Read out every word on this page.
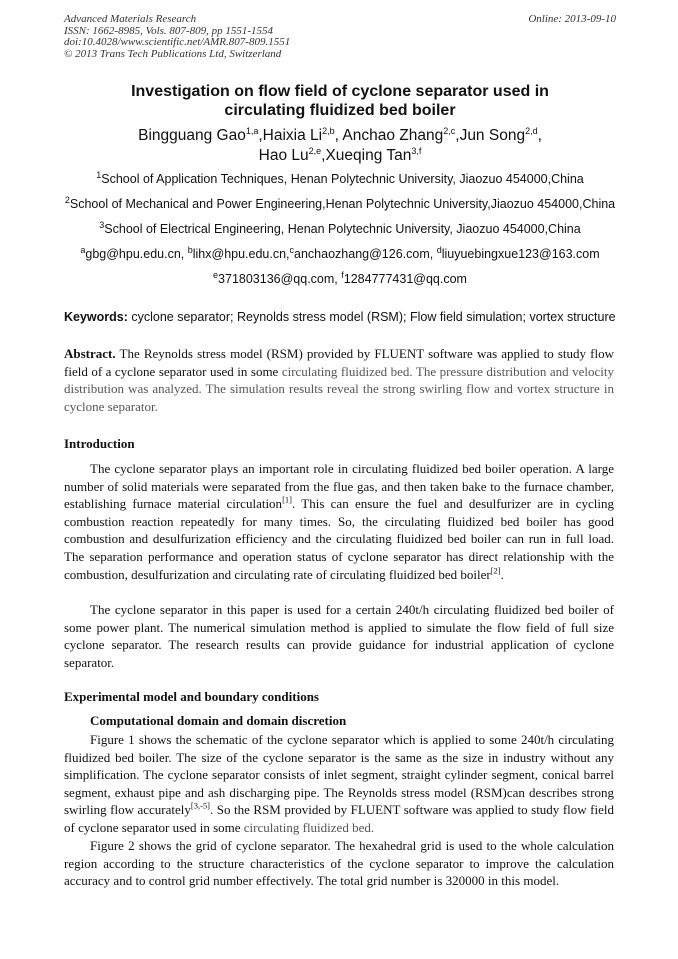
Advanced Materials Research
ISSN: 1662-8985, Vols. 807-809, pp 1551-1554
doi:10.4028/www.scientific.net/AMR.807-809.1551
© 2013 Trans Tech Publications Ltd, Switzerland
Online: 2013-09-10
Investigation on flow field of cyclone separator used in
circulating fluidized bed boiler
Bingguang Gao$^{1,a}$,Haixia Li$^{2,b}$, Anchao Zhang$^{2,c}$,Jun Song$^{2,d}$,
Hao Lu$^{2,e}$,Xueqing Tan$^{3,f}$
$^1$School of Application Techniques, Henan Polytechnic University, Jiaozuo 454000,China
$^2$School of Mechanical and Power Engineering,Henan Polytechnic University,Jiaozuo 454000,China
$^3$School of Electrical Engineering, Henan Polytechnic University, Jiaozuo 454000,China
$^a$gbg@hpu.edu.cn, $^b$lihx@hpu.edu.cn,$^c$anchaozhang@126.com, $^d$liuyuebingxue123@163.com
$^e$371803136@qq.com, $^f$1284777431@qq.com
Keywords: cyclone separator; Reynolds stress model (RSM); Flow field simulation; vortex structure
Abstract. The Reynolds stress model (RSM) provided by FLUENT software was applied to study flow field of a cyclone separator used in some circulating fluidized bed. The pressure distribution and velocity distribution was analyzed. The simulation results reveal the strong swirling flow and vortex structure in cyclone separator.
Introduction
The cyclone separator plays an important role in circulating fluidized bed boiler operation. A large number of solid materials were separated from the flue gas, and then taken bake to the furnace chamber, establishing furnace material circulation[1]. This can ensure the fuel and desulfurizer are in cycling combustion reaction repeatedly for many times. So, the circulating fluidized bed boiler has good combustion and desulfurization efficiency and the circulating fluidized bed boiler can run in full load. The separation performance and operation status of cyclone separator has direct relationship with the combustion, desulfurization and circulating rate of circulating fluidized bed boiler[2].
The cyclone separator in this paper is used for a certain 240t/h circulating fluidized bed boiler of some power plant. The numerical simulation method is applied to simulate the flow field of full size cyclone separator. The research results can provide guidance for industrial application of cyclone separator.
Experimental model and boundary conditions
Computational domain and domain discretion
Figure 1 shows the schematic of the cyclone separator which is applied to some 240t/h circulating fluidized bed boiler. The size of the cyclone separator is the same as the size in industry without any simplification. The cyclone separator consists of inlet segment, straight cylinder segment, conical barrel segment, exhaust pipe and ash discharging pipe. The Reynolds stress model (RSM)can describes strong swirling flow accurately[3,-5]. So the RSM provided by FLUENT software was applied to study flow field of cyclone separator used in some circulating fluidized bed.
Figure 2 shows the grid of cyclone separator. The hexahedral grid is used to the whole calculation region according to the structure characteristics of the cyclone separator to improve the calculation accuracy and to control grid number effectively. The total grid number is 320000 in this model.
